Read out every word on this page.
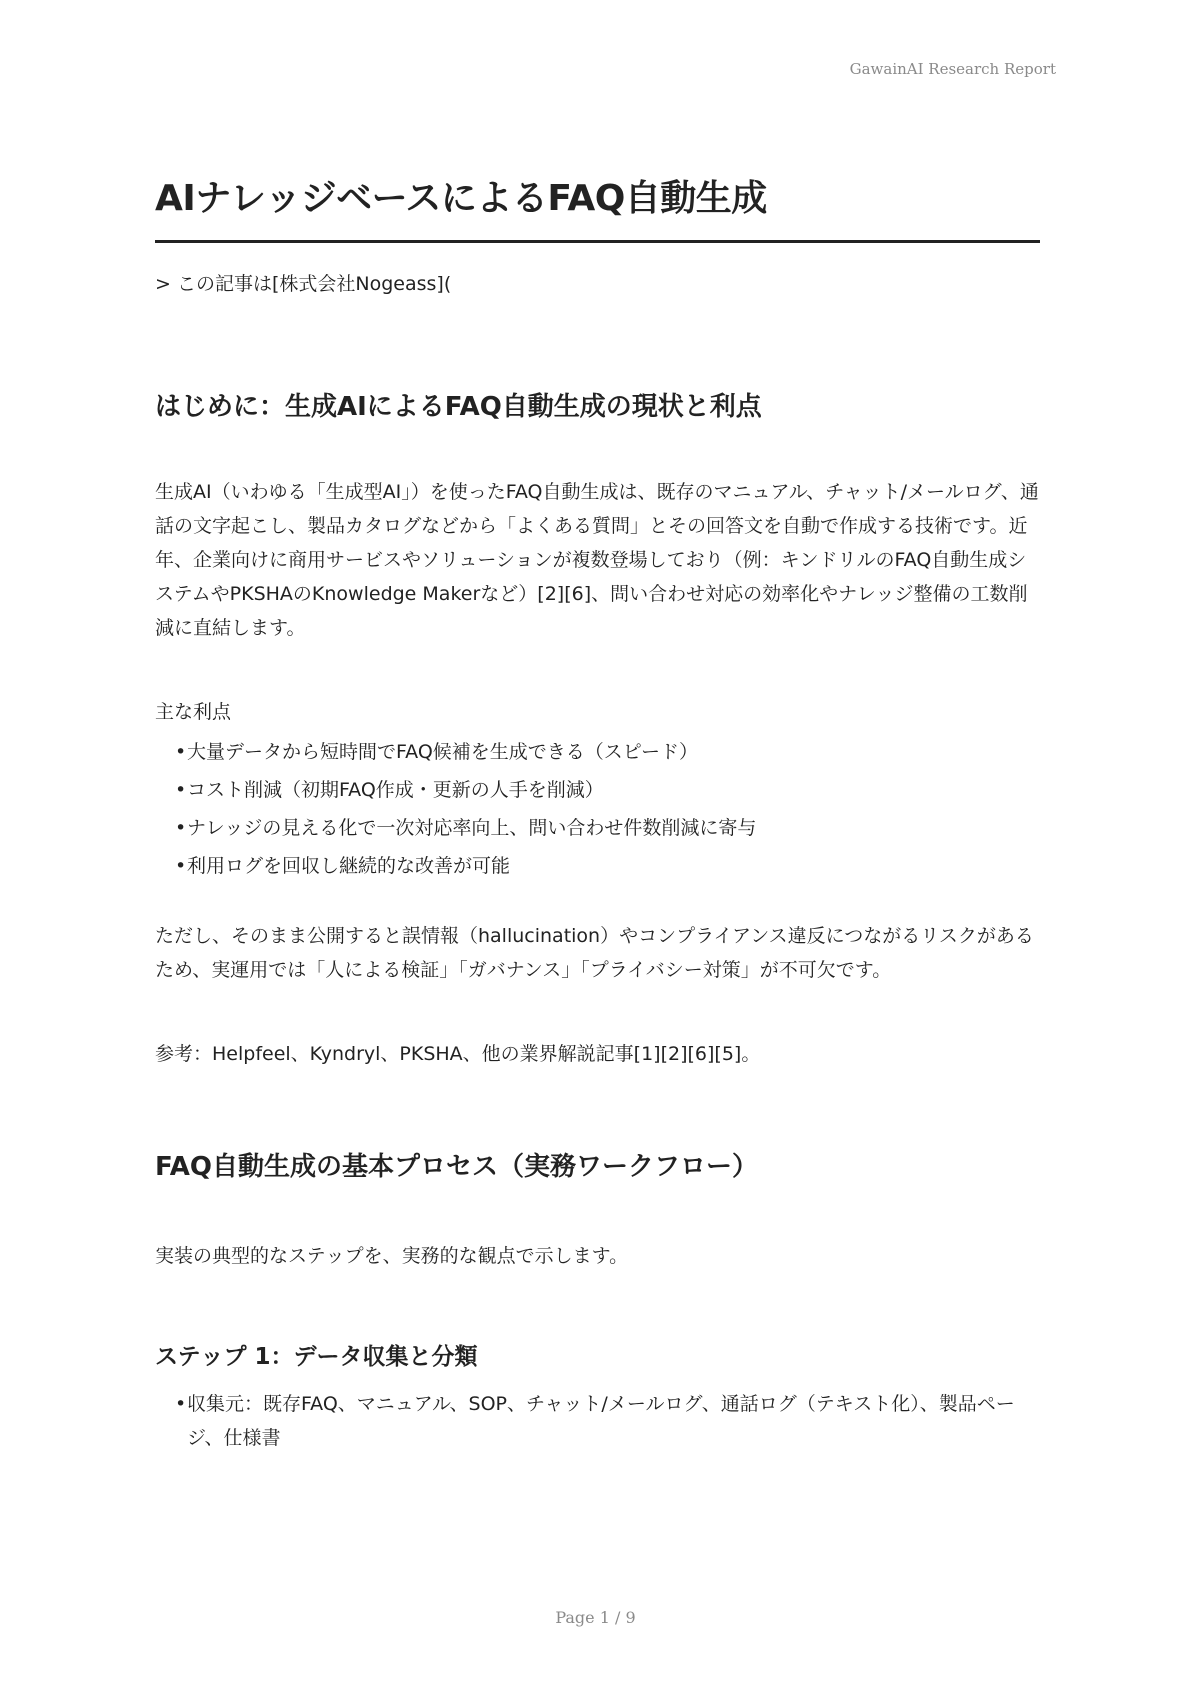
GawainAI Research Report
AIナレッジベースによるFAQ自動生成

> この記事は[株式会社Nogeass](

はじめに：生成AIによるFAQ自動生成の現状と利点

生成AI（いわゆる「生成型AI」）を使ったFAQ自動生成は、既存のマニュアル、チャット/メールログ、通話の文字起こし、製品カタログなどから「よくある質問」とその回答文を自動で作成する技術です。近年、企業向けに商用サービスやソリューションが複数登場しており（例：キンドリルのFAQ自動生成システムやPKSHAのKnowledge Makerなど）[2][6]、問い合わせ対応の効率化やナレッジ整備の工数削減に直結します。

主な利点

• 大量データから短時間でFAQ候補を生成できる（スピード）
• コスト削減（初期FAQ作成・更新の人手を削減）
• ナレッジの見える化で一次対応率向上、問い合わせ件数削減に寄与
• 利用ログを回収し継続的な改善が可能

ただし、そのまま公開すると誤情報（hallucination）やコンプライアンス違反につながるリスクがあるため、実運用では「人による検証」「ガバナンス」「プライバシー対策」が不可欠です。

参考：Helpfeel、Kyndryl、PKSHA、他の業界解説記事[1][2][6][5]。

FAQ自動生成の基本プロセス（実務ワークフロー）

実装の典型的なステップを、実務的な観点で示します。

ステップ 1：データ収集と分類
• 収集元：既存FAQ、マニュアル、SOP、チャット/メールログ、通話ログ（テキスト化）、製品ページ、仕様書
Page 1 / 9
